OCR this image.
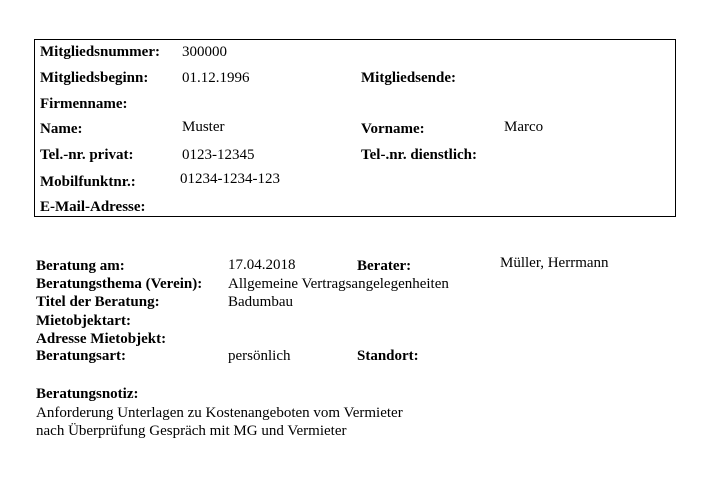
Mitgliedsnummer: 300000
Mitgliedsbeginn: 01.12.1996	Mitgliedsende:
Firmenname:
Name:	Muster	Vorname:	Marco
Tel.-nr. privat:	0123-12345	Tel-.nr. dienstlich:
Mobilfunktnr.:	01234-1234-123
E-Mail-Adresse:
Beratung am:	17.04.2018	Berater:	Müller, Herrmann
Beratungsthema (Verein): Allgemeine Vertragsangelegenheiten
Titel der Beratung:	Badumbau
Mietobjektart:
Adresse Mietobjekt:
Beratungsart:	persönlich	Standort:
Beratungsnotiz:
Anforderung Unterlagen zu Kostenangeboten vom Vermieter
nach Überprüfung Gespräch mit MG und Vermieter
